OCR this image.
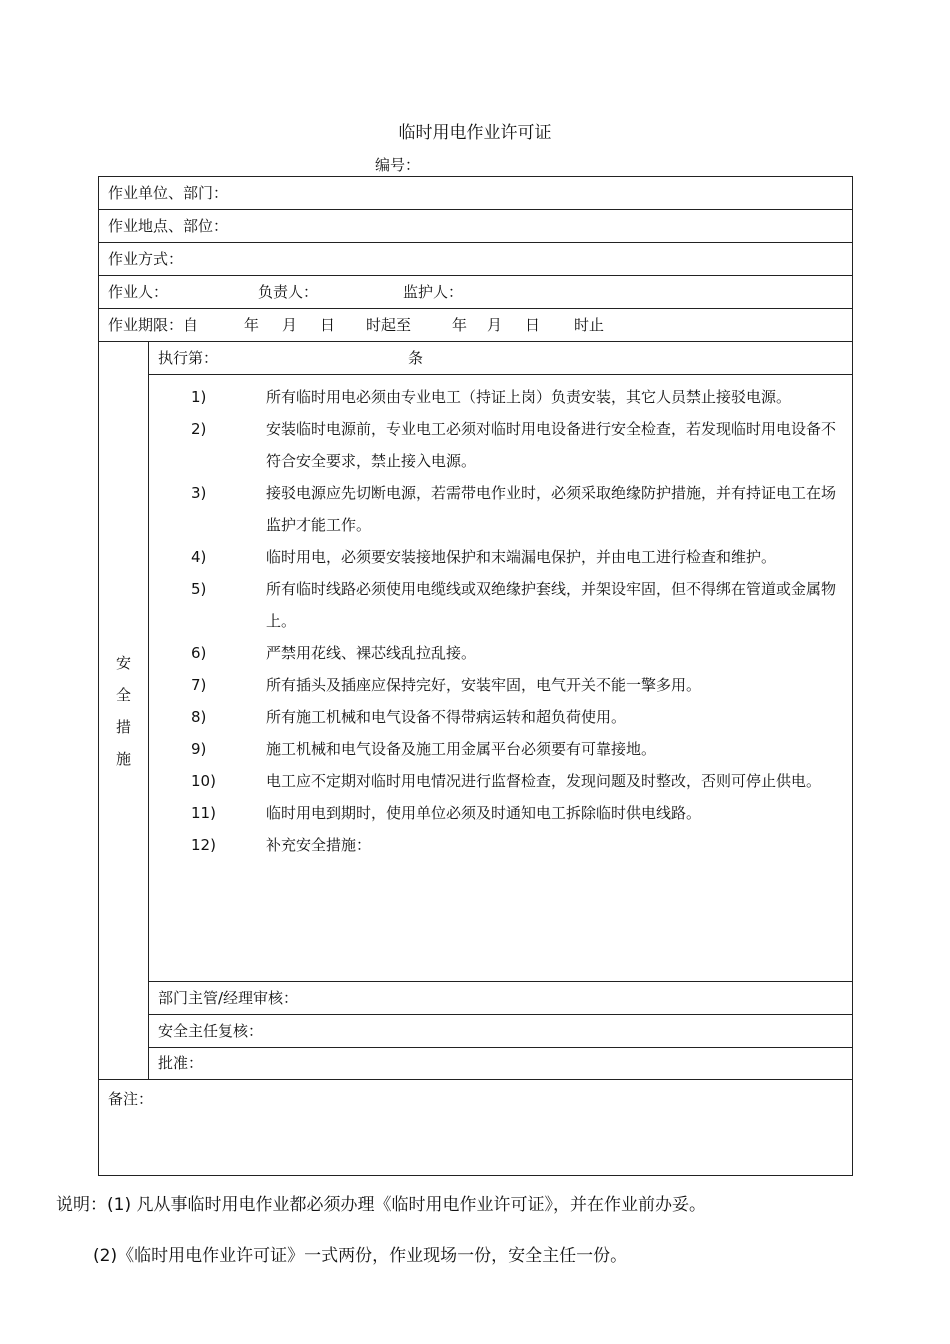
临时用电作业许可证
编号：
作业单位、部门：
作业地点、部位：
作业方式：
作业人：	负责人：	监护人：
作业期限：自	年 月 日 时起至	年 月 日 时止

安
全
措
施
	执行第：	条

1)	所有临时用电必须由专业电工（持证上岗）负责安装，其它人员禁止接驳电源。
2)	安装临时电源前，专业电工必须对临时用电设备进行安全检查，若发现临时用电设备不符合安全要求，禁止接入电源。
3)	接驳电源应先切断电源，若需带电作业时，必须采取绝缘防护措施，并有持证电工在场监护才能工作。
4)	临时用电，必须要安装接地保护和末端漏电保护，并由电工进行检查和维护。
5)	所有临时线路必须使用电缆线或双绝缘护套线，并架设牢固，但不得绑在管道或金属物上。
6)	严禁用花线、裸芯线乱拉乱接。
7)	所有插头及插座应保持完好，安装牢固，电气开关不能一擎多用。
8)	所有施工机械和电气设备不得带病运转和超负荷使用。
9)	施工机械和电气设备及施工用金属平台必须要有可靠接地。
10)	电工应不定期对临时用电情况进行监督检查，发现问题及时整改，否则可停止供电。
11)	临时用电到期时，使用单位必须及时通知电工拆除临时供电线路。
12)	补充安全措施：

部门主管/经理审核：
安全主任复核：
批准：
备注：
说明：(1) 凡从事临时用电作业都必须办理《临时用电作业许可证》，并在作业前办妥。
(2)《临时用电作业许可证》一式两份，作业现场一份，安全主任一份。
